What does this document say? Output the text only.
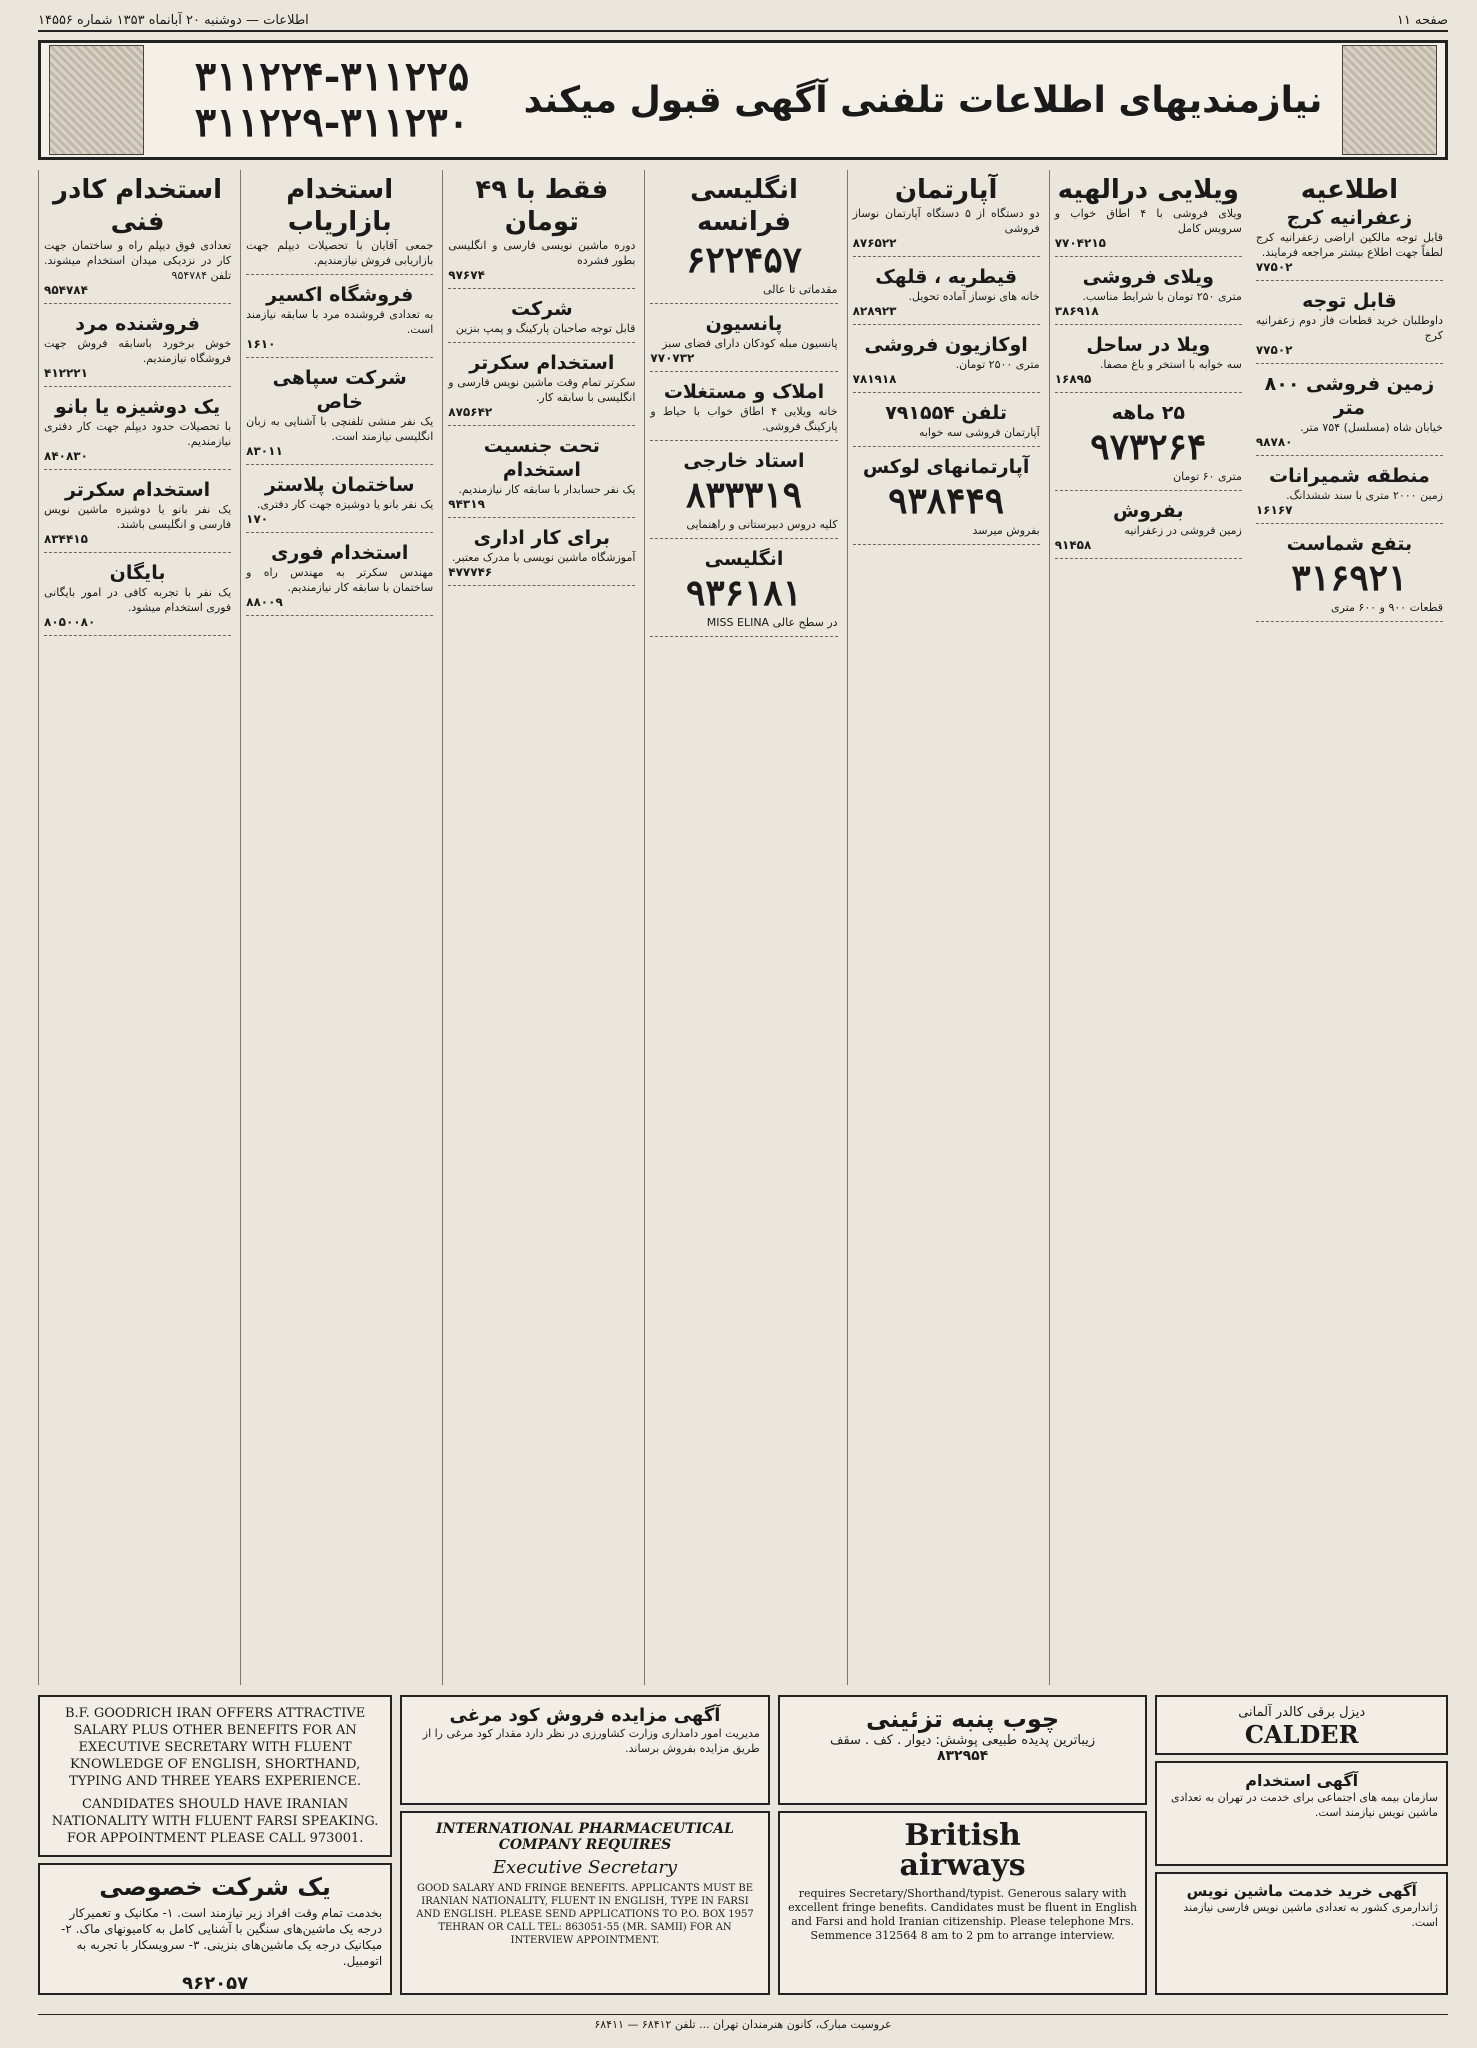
صفحه ۱۱
اطلاعات — دوشنبه ۲۰ آبانماه ۱۳۵۳ شماره ۱۴۵۵۶
نیازمندیهای اطلاعات تلفنی آگهی قبول میکند
۳۱۱۲۲۴-۳۱۱۲۲۵
۳۱۱۲۲۹-۳۱۱۲۳۰
استخدام کادر فنی
تعدادی فوق دیپلم راه و ساختمان جهت کار در نزدیکی میدان استخدام میشوند. تلفن ۹۵۴۷۸۴
۹۵۴۷۸۴
فروشنده مرد
خوش برخورد باسابقه فروش جهت فروشگاه نیازمندیم.
۴۱۲۲۲۱
یک دوشیزه یا بانو
با تحصیلات حدود دیپلم جهت کار دفتری نیازمندیم.
۸۴۰۸۳۰
استخدام سکرتر
یک نفر بانو یا دوشیزه ماشین نویس فارسی و انگلیسی باشند.
۸۳۴۴۱۵
بایگان
یک نفر با تجربه کافی در امور بایگانی فوری استخدام میشود.
۸۰۵۰۰۸۰
استخدام بازاریاب
جمعی آقایان با تحصیلات دیپلم جهت بازاریابی فروش نیازمندیم.
فروشگاه اکسیر
به تعدادی فروشنده مرد با سابقه نیازمند است.
۱۶۱۰
شرکت سپاهی خاص
یک نفر منشی تلفنچی با آشنایی به زبان انگلیسی نیازمند است.
۸۳۰۱۱
ساختمان پلاستر
یک نفر بانو یا دوشیزه جهت کار دفتری.
۱۷۰
استخدام فوری
مهندس سکرتر به مهندس راه و ساختمان با سابقه کار نیازمندیم.
۸۸۰۰۹
فقط با ۴۹ تومان
دوره ماشین نویسی فارسی و انگلیسی بطور فشرده
۹۷۶۷۴
شرکت
قابل توجه صاحبان پارکینگ و پمپ بنزین
استخدام سکرتر
سکرتر تمام وقت ماشین نویس فارسی و انگلیسی با سابقه کار.
۸۷۵۶۴۲
تحت جنسیت استخدام
یک نفر حسابدار با سابقه کار نیازمندیم.
۹۴۳۱۹
برای کار اداری
آموزشگاه ماشین نویسی با مدرک معتبر.
۴۷۷۷۴۶
انگلیسی فرانسه
۶۲۲۴۵۷
مقدماتی تا عالی
پانسیون
پانسیون مبله کودکان دارای فضای سبز
۷۷۰۷۳۲
املاک و مستغلات
خانه ویلایی ۴ اطاق خواب با حیاط و پارکینگ فروشی.
استاد خارجی
۸۳۳۳۱۹
کلیه دروس دبیرستانی و راهنمایی
انگلیسی
۹۳۶۱۸۱
در سطح عالی MISS ELINA
آپارتمان
دو دستگاه از ۵ دستگاه آپارتمان نوساز فروشی
۸۷۶۵۲۲
قیطریه ، قلهک
خانه های نوساز آماده تحویل.
۸۲۸۹۲۳
اوکازیون فروشی
متری ۲۵۰۰ تومان.
۷۸۱۹۱۸
تلفن ۷۹۱۵۵۴
آپارتمان فروشی سه خوابه
آپارتمانهای لوکس
۹۳۸۴۴۹
بفروش میرسد
ویلایی درالهیه
ویلای فروشی با ۴ اطاق خواب و سرویس کامل
۷۷۰۴۲۱۵
ویلای فروشی
متری ۲۵۰ تومان با شرایط مناسب.
۳۸۶۹۱۸
ویلا در ساحل
سه خوابه با استخر و باغ مصفا.
۱۶۸۹۵
۲۵ ماهه
۹۷۳۲۶۴
متری ۶۰ تومان
بفروش
زمین فروشی در زعفرانیه
۹۱۴۵۸
اطلاعیه
زعفرانیه کرج
قابل توجه مالکین اراضی زعفرانیه کرج لطفاً جهت اطلاع بیشتر مراجعه فرمایند.
۷۷۵۰۲
قابل توجه
داوطلبان خرید قطعات فاز دوم زعفرانیه کرج
۷۷۵۰۲
زمین فروشی ۸۰۰ متر
خیابان شاه (مسلسل) ۷۵۴ متر.
۹۸۷۸۰
منطقه شمیرانات
زمین ۲۰۰۰ متری با سند ششدانگ.
۱۶۱۶۷
بتفع شماست
۳۱۶۹۲۱
قطعات ۹۰۰ و ۶۰۰ متری
B.F. GOODRICH IRAN OFFERS ATTRACTIVE SALARY PLUS OTHER BENEFITS FOR AN EXECUTIVE SECRETARY WITH FLUENT KNOWLEDGE OF ENGLISH, SHORTHAND, TYPING AND THREE YEARS EXPERIENCE.
CANDIDATES SHOULD HAVE IRANIAN NATIONALITY WITH FLUENT FARSI SPEAKING. FOR APPOINTMENT PLEASE CALL 973001.
یک شرکت خصوصی
بخدمت تمام وقت افراد زیر نیازمند است. ۱- مکانیک و تعمیرکار درجه یک ماشین‌های سنگین با آشنایی کامل به کامیونهای ماک. ۲- میکانیک درجه یک ماشین‌های بنزینی. ۳- سرویسکار با تجربه به اتومبیل.
۹۶۲۰۵۷
آگهی مزایده فروش کود مرغی
مدیریت امور دامداری وزارت کشاورزی در نظر دارد مقدار کود مرغی را از طریق مزایده بفروش برساند.
INTERNATIONAL PHARMACEUTICAL COMPANY REQUIRES
Executive Secretary
GOOD SALARY AND FRINGE BENEFITS. APPLICANTS MUST BE IRANIAN NATIONALITY, FLUENT IN ENGLISH, TYPE IN FARSI AND ENGLISH. PLEASE SEND APPLICATIONS TO P.O. BOX 1957 TEHRAN OR CALL TEL: 863051-55 (MR. SAMII) FOR AN INTERVIEW APPOINTMENT.
چوب پنبه تزئینی
زیباترین پدیده طبیعی پوشش: دیوار . کف . سقف
۸۳۲۹۵۴
British
airways
requires Secretary/Shorthand/typist. Generous salary with excellent fringe benefits. Candidates must be fluent in English and Farsi and hold Iranian citizenship. Please telephone Mrs. Semmence 312564 8 am to 2 pm to arrange interview.
دیزل برقی کالدر آلمانی
CALDER
آگهی استخدام
سازمان بیمه های اجتماعی برای خدمت در تهران به تعدادی ماشین نویس نیازمند است.
آگهی خرید خدمت ماشین نویس
ژاندارمری کشور به تعدادی ماشین نویس فارسی نیازمند است.
عروسیت مبارک، کانون هنرمندان تهران ... تلفن ۶۸۴۱۲ — ۶۸۴۱۱
